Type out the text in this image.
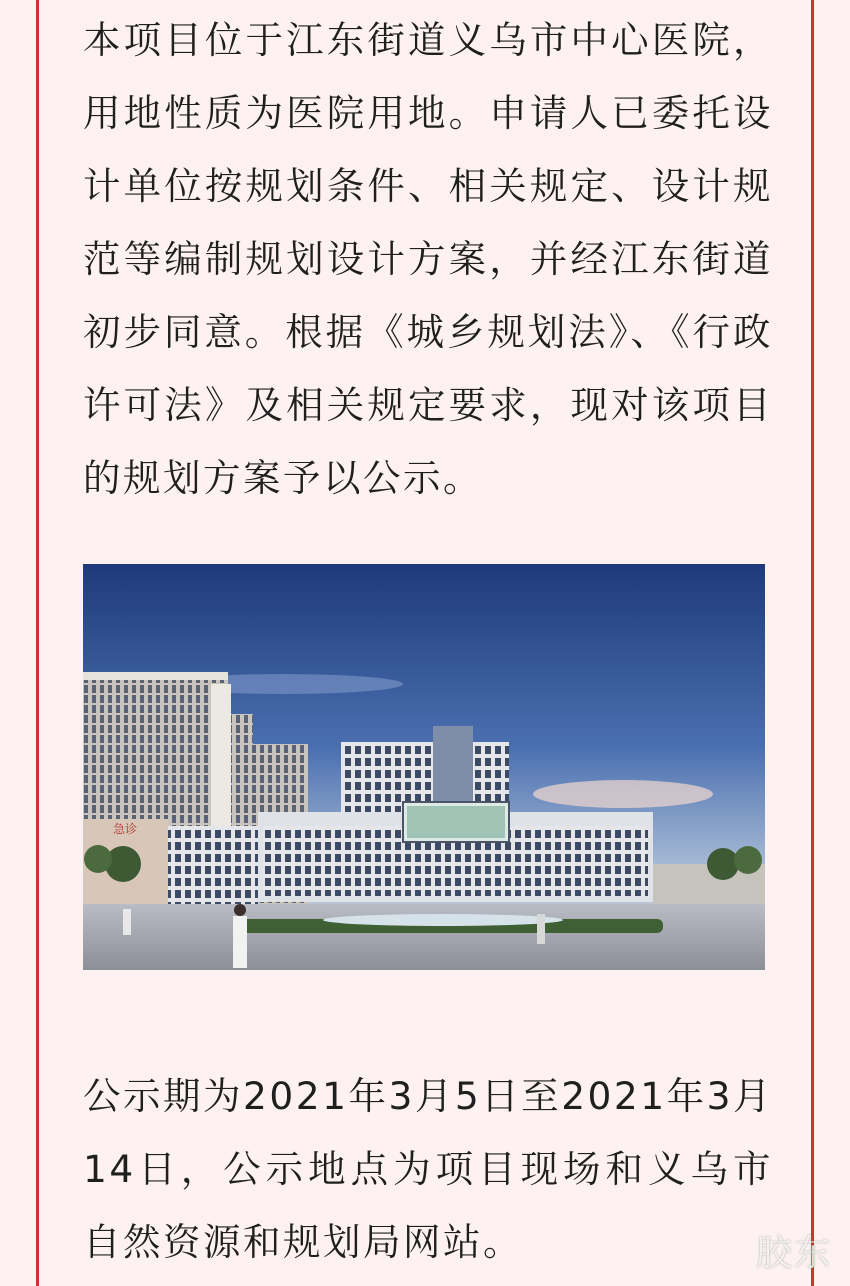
本项目位于江东街道义乌市中心医院，用地性质为医院用地。申请人已委托设计单位按规划条件、相关规定、设计规范等编制规划设计方案，并经江东街道初步同意。根据《城乡规划法》、《行政许可法》及相关规定要求，现对该项目的规划方案予以公示。

急诊

公示期为2021年3月5日至2021年3月14日，公示地点为项目现场和义乌市自然资源和规划局网站。	胶东
